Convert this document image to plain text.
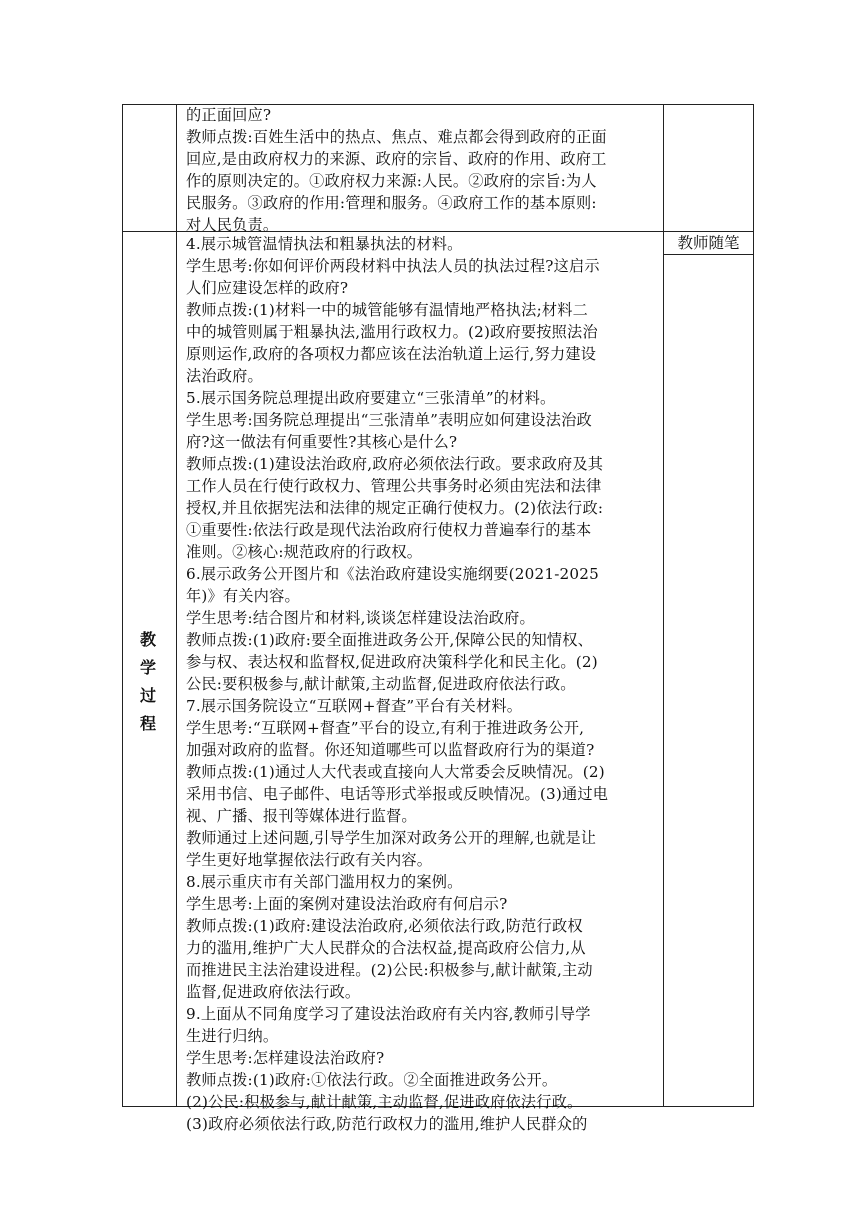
的正面回应?

教师点拨:百姓生活中的热点、焦点、难点都会得到政府的正面

回应,是由政府权力的来源、政府的宗旨、政府的作用、政府工

作的原则决定的。①政府权力来源:人民。②政府的宗旨:为人

民服务。③政府的作用:管理和服务。④政府工作的基本原则:

对人民负责。

教
学
过
程
教师随笔

4.展示城管温情执法和粗暴执法的材料。

学生思考:你如何评价两段材料中执法人员的执法过程?这启示

人们应建设怎样的政府?

教师点拨:(1)材料一中的城管能够有温情地严格执法;材料二

中的城管则属于粗暴执法,滥用行政权力。(2)政府要按照法治

原则运作,政府的各项权力都应该在法治轨道上运行,努力建设

法治政府。

5.展示国务院总理提出政府要建立“三张清单”的材料。

学生思考:国务院总理提出“三张清单”表明应如何建设法治政

府?这一做法有何重要性?其核心是什么?

教师点拨:(1)建设法治政府,政府必须依法行政。要求政府及其

工作人员在行使行政权力、管理公共事务时必须由宪法和法律

授权,并且依据宪法和法律的规定正确行使权力。(2)依法行政:

①重要性:依法行政是现代法治政府行使权力普遍奉行的基本

准则。②核心:规范政府的行政权。

6.展示政务公开图片和《法治政府建设实施纲要(2021-2025

年)》有关内容。

学生思考:结合图片和材料,谈谈怎样建设法治政府。

教师点拨:(1)政府:要全面推进政务公开,保障公民的知情权、

参与权、表达权和监督权,促进政府决策科学化和民主化。(2)

公民:要积极参与,献计献策,主动监督,促进政府依法行政。

7.展示国务院设立“互联网+督查”平台有关材料。

学生思考:“互联网+督查”平台的设立,有利于推进政务公开,

加强对政府的监督。你还知道哪些可以监督政府行为的渠道?

教师点拨:(1)通过人大代表或直接向人大常委会反映情况。(2)

采用书信、电子邮件、电话等形式举报或反映情况。(3)通过电

视、广播、报刊等媒体进行监督。

教师通过上述问题,引导学生加深对政务公开的理解,也就是让

学生更好地掌握依法行政有关内容。

8.展示重庆市有关部门滥用权力的案例。

学生思考:上面的案例对建设法治政府有何启示?

教师点拨:(1)政府:建设法治政府,必须依法行政,防范行政权

力的滥用,维护广大人民群众的合法权益,提高政府公信力,从

而推进民主法治建设进程。(2)公民:积极参与,献计献策,主动

监督,促进政府依法行政。

9.上面从不同角度学习了建设法治政府有关内容,教师引导学

生进行归纳。

学生思考:怎样建设法治政府?

教师点拨:(1)政府:①依法行政。②全面推进政务公开。

(2)公民:积极参与,献计献策,主动监督,促进政府依法行政。

(3)政府必须依法行政,防范行政权力的滥用,维护人民群众的
